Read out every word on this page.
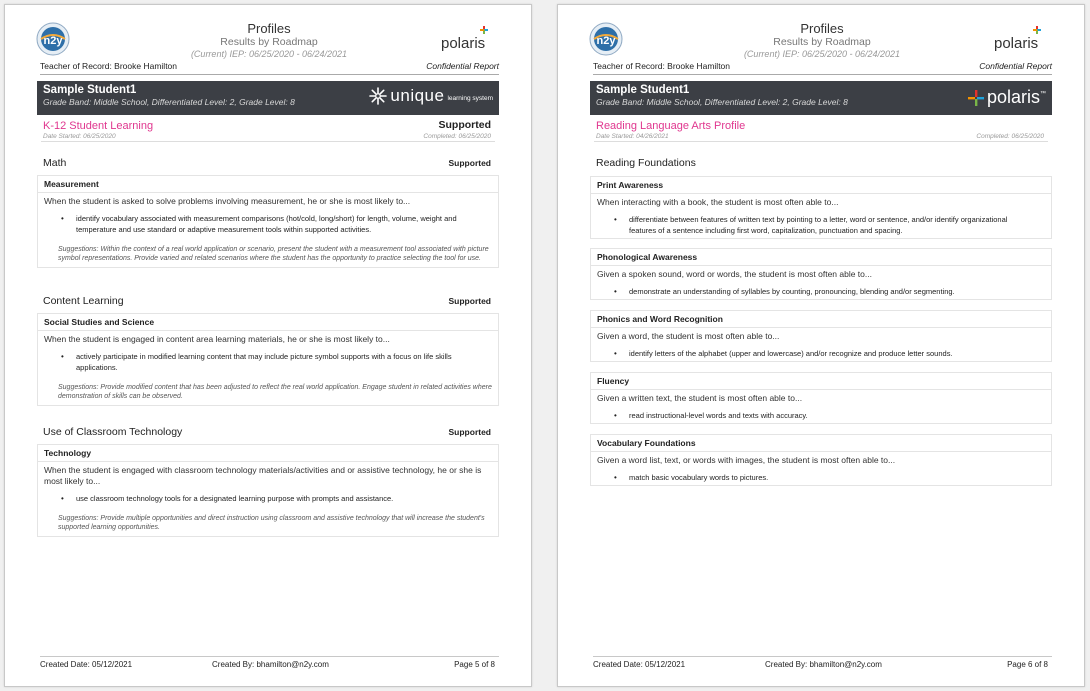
n2y
Profiles
Results by Roadmap
(Current) IEP: 06/25/2020 - 06/24/2021
polaris
Teacher of Record: Brooke Hamilton	Confidential Report
Sample Student1
Grade Band: Middle School, Differentiated Level: 2, Grade Level: 8	unique learning system
K-12 Student Learning	Supported
Date Started: 06/25/2020	Completed: 06/25/2020
Math	Supported
Measurement
When the student is asked to solve problems involving measurement, he or she is most likely to...
• identify vocabulary associated with measurement comparisons (hot/cold, long/short) for length, volume, weight and temperature and use standard or adaptive measurement tools within supported activities.
Suggestions: Within the context of a real world application or scenario, present the student with a measurement tool associated with picture symbol representations. Provide varied and related scenarios where the student has the opportunity to practice selecting the tool for use.
Content Learning	Supported
Social Studies and Science
When the student is engaged in content area learning materials, he or she is most likely to...
• actively participate in modified learning content that may include picture symbol supports with a focus on life skills applications.
Suggestions: Provide modified content that has been adjusted to reflect the real world application. Engage student in related activities where demonstration of skills can be observed.
Use of Classroom Technology	Supported
Technology
When the student is engaged with classroom technology materials/activities and or assistive technology, he or she is most likely to...
• use classroom technology tools for a designated learning purpose with prompts and assistance.
Suggestions: Provide multiple opportunities and direct instruction using classroom and assistive technology that will increase the student's supported learning opportunities.
Created Date: 05/12/2021	Created By: bhamilton@n2y.com	Page 5 of 8
n2y
Profiles
Results by Roadmap
(Current) IEP: 06/25/2020 - 06/24/2021
polaris
Teacher of Record: Brooke Hamilton	Confidential Report
Sample Student1
Grade Band: Middle School, Differentiated Level: 2, Grade Level: 8	polaris ™
Reading Language Arts Profile
Date Started: 04/26/2021	Completed: 06/25/2020
Reading Foundations
Print Awareness
When interacting with a book, the student is most often able to...
• differentiate between features of written text by pointing to a letter, word or sentence, and/or identify organizational features of a sentence including first word, capitalization, punctuation and spacing.
Phonological Awareness
Given a spoken sound, word or words, the student is most often able to...
• demonstrate an understanding of syllables by counting, pronouncing, blending and/or segmenting.
Phonics and Word Recognition
Given a word, the student is most often able to...
• identify letters of the alphabet (upper and lowercase) and/or recognize and produce letter sounds.
Fluency
Given a written text, the student is most often able to...
• read instructional-level words and texts with accuracy.
Vocabulary Foundations
Given a word list, text, or words with images, the student is most often able to...
• match basic vocabulary words to pictures.
Created Date: 05/12/2021	Created By: bhamilton@n2y.com	Page 6 of 8
